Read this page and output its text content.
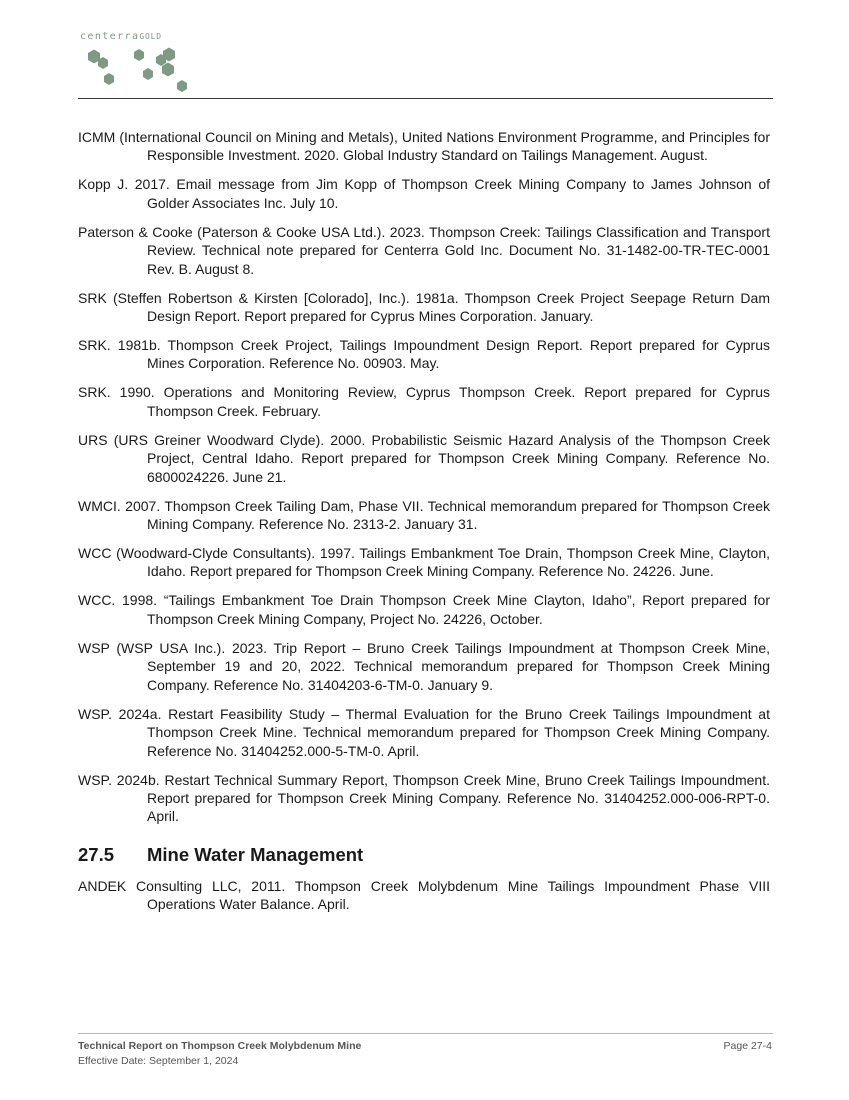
centerraGOLD

ICMM (International Council on Mining and Metals), United Nations Environment Programme, and Principles for Responsible Investment. 2020. Global Industry Standard on Tailings Management. August.

Kopp J. 2017. Email message from Jim Kopp of Thompson Creek Mining Company to James Johnson of Golder Associates Inc. July 10.

Paterson & Cooke (Paterson & Cooke USA Ltd.). 2023. Thompson Creek: Tailings Classification and Transport Review. Technical note prepared for Centerra Gold Inc. Document No. 31-1482-00-TR-TEC-0001 Rev. B. August 8.

SRK (Steffen Robertson & Kirsten [Colorado], Inc.). 1981a. Thompson Creek Project Seepage Return Dam Design Report. Report prepared for Cyprus Mines Corporation. January.

SRK. 1981b. Thompson Creek Project, Tailings Impoundment Design Report. Report prepared for Cyprus Mines Corporation. Reference No. 00903. May.

SRK. 1990. Operations and Monitoring Review, Cyprus Thompson Creek. Report prepared for Cyprus Thompson Creek. February.

URS (URS Greiner Woodward Clyde). 2000. Probabilistic Seismic Hazard Analysis of the Thompson Creek Project, Central Idaho. Report prepared for Thompson Creek Mining Company. Reference No. 6800024226. June 21.

WMCI. 2007. Thompson Creek Tailing Dam, Phase VII. Technical memorandum prepared for Thompson Creek Mining Company. Reference No. 2313-2. January 31.

WCC (Woodward-Clyde Consultants). 1997. Tailings Embankment Toe Drain, Thompson Creek Mine, Clayton, Idaho. Report prepared for Thompson Creek Mining Company. Reference No. 24226. June.

WCC. 1998. “Tailings Embankment Toe Drain Thompson Creek Mine Clayton, Idaho”, Report prepared for Thompson Creek Mining Company, Project No. 24226, October.

WSP (WSP USA Inc.). 2023. Trip Report – Bruno Creek Tailings Impoundment at Thompson Creek Mine, September 19 and 20, 2022. Technical memorandum prepared for Thompson Creek Mining Company. Reference No. 31404203-6-TM-0. January 9.

WSP. 2024a. Restart Feasibility Study – Thermal Evaluation for the Bruno Creek Tailings Impoundment at Thompson Creek Mine. Technical memorandum prepared for Thompson Creek Mining Company. Reference No. 31404252.000-5-TM-0. April.

WSP. 2024b. Restart Technical Summary Report, Thompson Creek Mine, Bruno Creek Tailings Impoundment. Report prepared for Thompson Creek Mining Company. Reference No. 31404252.000-006-RPT-0. April.

27.5 Mine Water Management

ANDEK Consulting LLC, 2011. Thompson Creek Molybdenum Mine Tailings Impoundment Phase VIII Operations Water Balance. April.

Technical Report on Thompson Creek Molybdenum Mine
Effective Date: September 1, 2024
Page 27-4
